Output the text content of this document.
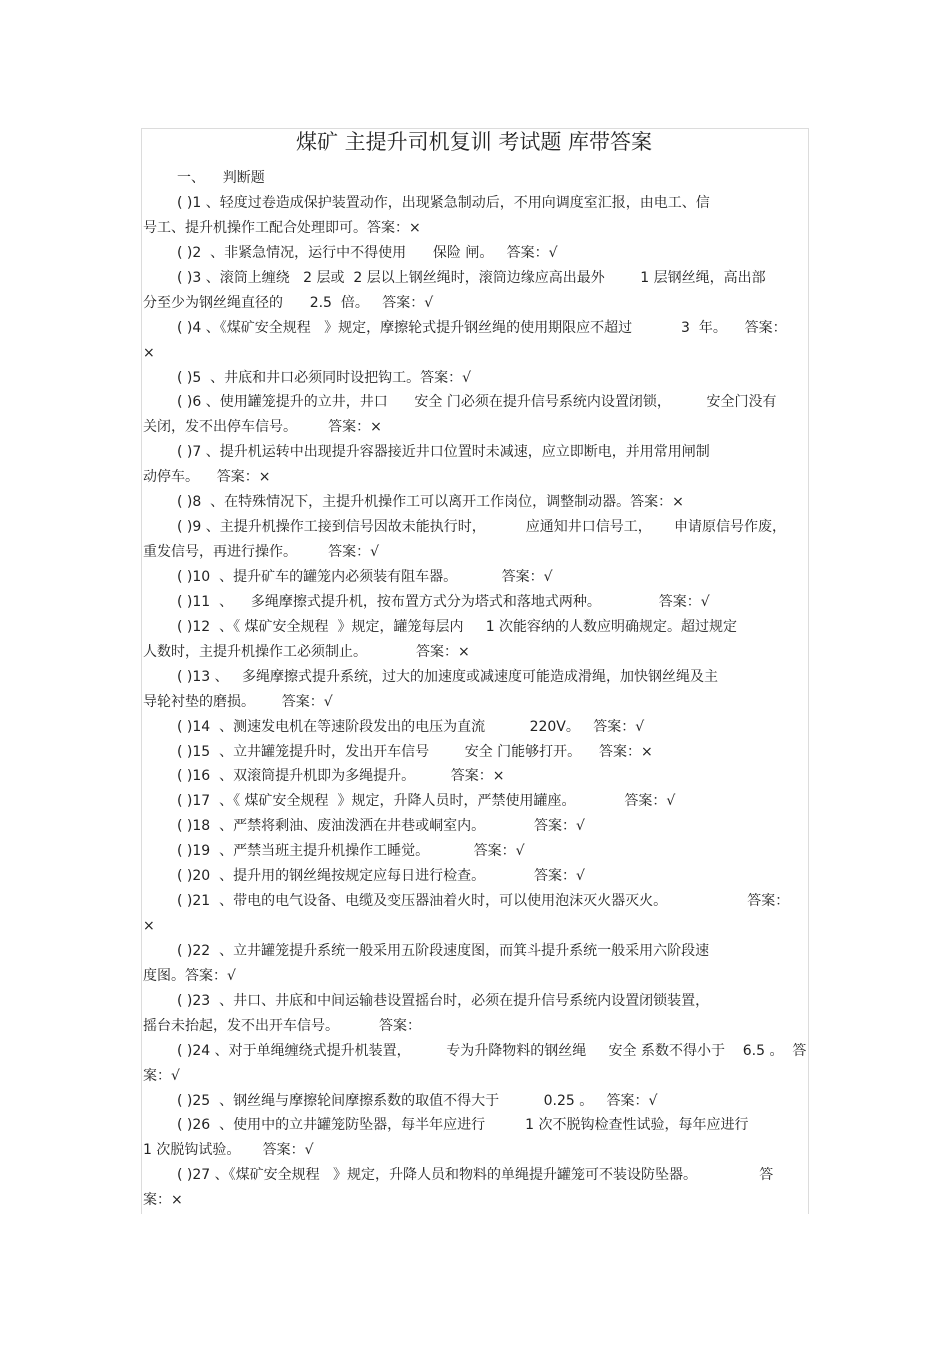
煤矿 主提升司机复训 考试题 库带答案
一、    判断题
( )1 、轻度过卷造成保护装置动作，出现紧急制动后，不用向调度室汇报，由电工、信
号工、提升机操作工配合处理即可。答案：×
( )2  、非紧急情况，运行中不得使用      保险 闸。   答案：√
( )3 、滚筒上缠绕   2 层或  2 层以上钢丝绳时，滚筒边缘应高出最外        1 层钢丝绳，高出部
分至少为钢丝绳直径的      2.5  倍。   答案：√
( )4 、《煤矿安全规程   》规定，摩擦轮式提升钢丝绳的使用期限应不超过           3  年。    答案：
×
( )5  、井底和井口必须同时设把钩工。答案：√
( )6 、使用罐笼提升的立井，井口      安全 门必须在提升信号系统内设置闭锁，        安全门没有
关闭，发不出停车信号。       答案：×
( )7 、提升机运转中出现提升容器接近井口位置时未减速，应立即断电，并用常用闸制
动停车。    答案：×
( )8  、在特殊情况下，主提升机操作工可以离开工作岗位，调整制动器。答案：×
( )9 、主提升机操作工接到信号因故未能执行时，         应通知井口信号工，     申请原信号作废，
重发信号，再进行操作。       答案：√
( )10  、提升矿车的罐笼内必须装有阻车器。          答案：√
( )11  、    多绳摩擦式提升机，按布置方式分为塔式和落地式两种。             答案：√
( )12  、《 煤矿安全规程  》规定，罐笼每层内     1 次能容纳的人数应明确规定。超过规定
人数时，主提升机操作工必须制止。           答案：×
( )13 、   多绳摩擦式提升系统，过大的加速度或减速度可能造成滑绳，加快钢丝绳及主
导轮衬垫的磨损。      答案：√
( )14  、测速发电机在等速阶段发出的电压为直流          220V。   答案：√
( )15  、立井罐笼提升时，发出开车信号        安全 门能够打开。    答案：×
( )16  、双滚筒提升机即为多绳提升。        答案：×
( )17  、《 煤矿安全规程  》规定，升降人员时，严禁使用罐座。           答案：√
( )18  、严禁将剩油、废油泼洒在井巷或峒室内。           答案：√
( )19  、严禁当班主提升机操作工睡觉。          答案：√
( )20  、提升用的钢丝绳按规定应每日进行检查。           答案：√
( )21  、带电的电气设备、电缆及变压器油着火时，可以使用泡沫灭火器灭火。                  答案：
×
( )22  、立井罐笼提升系统一般采用五阶段速度图，而箕斗提升系统一般采用六阶段速
度图。答案：√
( )23  、井口、井底和中间运输巷设置摇台时，必须在提升信号系统内设置闭锁装置，
摇台未抬起，发不出开车信号。         答案：
( )24 、对于单绳缠绕式提升机装置，        专为升降物料的钢丝绳     安全 系数不得小于    6.5 。  答
案：√
( )25  、钢丝绳与摩擦轮间摩擦系数的取值不得大于          0.25 。   答案：√
( )26  、使用中的立井罐笼防坠器，每半年应进行         1 次不脱钩检查性试验，每年应进行
1 次脱钩试验。     答案：√
( )27 、《煤矿安全规程   》规定，升降人员和物料的单绳提升罐笼可不装设防坠器。              答
案：×
